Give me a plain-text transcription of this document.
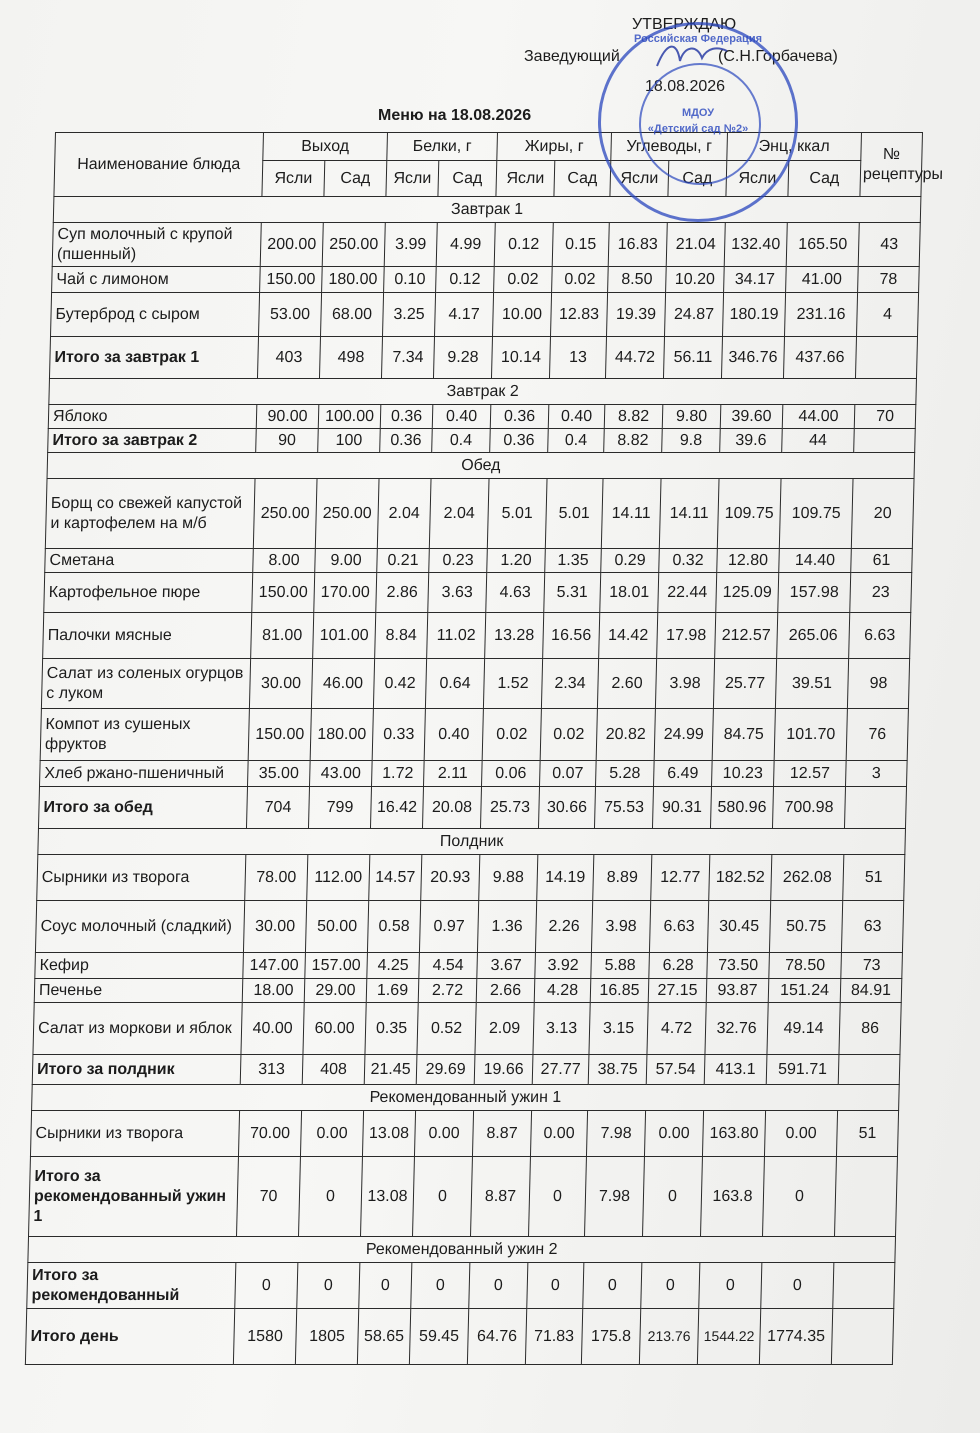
УТВЕРЖДАЮ
Заведующий	(С.Н.Горбачева)
18.08.2026
Меню на 18.08.2026
Наименование блюда	Выход		Белки, г		Жиры, г		Углеводы, г		Энц, ккал		№ рецептуры
	Ясли	Сад	Ясли	Сад	Ясли	Сад	Ясли	Сад	Ясли	Сад	
Завтрак 1											
Суп молочный с крупой (пшенный)	200.00	250.00	3.99	4.99	0.12	0.15	16.83	21.04	132.40	165.50	43
Чай с лимоном	150.00	180.00	0.10	0.12	0.02	0.02	8.50	10.20	34.17	41.00	78
Бутерброд с сыром	53.00	68.00	3.25	4.17	10.00	12.83	19.39	24.87	180.19	231.16	4
Итого за завтрак 1	403	498	7.34	9.28	10.14	13	44.72	56.11	346.76	437.66	
Завтрак 2											
Яблоко	90.00	100.00	0.36	0.40	0.36	0.40	8.82	9.80	39.60	44.00	70
Итого за завтрак 2	90	100	0.36	0.4	0.36	0.4	8.82	9.8	39.6	44	
Обед											
Борщ со свежей капустой и картофелем на м/б	250.00	250.00	2.04	2.04	5.01	5.01	14.11	14.11	109.75	109.75	20
Сметана	8.00	9.00	0.21	0.23	1.20	1.35	0.29	0.32	12.80	14.40	61
Картофельное пюре	150.00	170.00	2.86	3.63	4.63	5.31	18.01	22.44	125.09	157.98	23
Палочки мясные	81.00	101.00	8.84	11.02	13.28	16.56	14.42	17.98	212.57	265.06	6.63
Салат из соленых огурцов с луком	30.00	46.00	0.42	0.64	1.52	2.34	2.60	3.98	25.77	39.51	98
Компот из сушеных фруктов	150.00	180.00	0.33	0.40	0.02	0.02	20.82	24.99	84.75	101.70	76
Хлеб ржано-пшеничный	35.00	43.00	1.72	2.11	0.06	0.07	5.28	6.49	10.23	12.57	3
Итого за обед	704	799	16.42	20.08	25.73	30.66	75.53	90.31	580.96	700.98	
Полдник											
Сырники из творога	78.00	112.00	14.57	20.93	9.88	14.19	8.89	12.77	182.52	262.08	51
Соус молочный (сладкий)	30.00	50.00	0.58	0.97	1.36	2.26	3.98	6.63	30.45	50.75	63
Кефир	147.00	157.00	4.25	4.54	3.67	3.92	5.88	6.28	73.50	78.50	73
Печенье	18.00	29.00	1.69	2.72	2.66	4.28	16.85	27.15	93.87	151.24	84.91
Салат из моркови и яблок	40.00	60.00	0.35	0.52	2.09	3.13	3.15	4.72	32.76	49.14	86
Итого за полдник	313	408	21.45	29.69	19.66	27.77	38.75	57.54	413.1	591.71	
Рекомендованный ужин 1											
Сырники из творога	70.00	0.00	13.08	0.00	8.87	0.00	7.98	0.00	163.80	0.00	51
Итого за рекомендованный ужин 1	70	0	13.08	0	8.87	0	7.98	0	163.8	0	
Рекомендованный ужин 2											
Итого за рекомендованный	0	0	0	0	0	0	0	0	0	0	
Итого день	1580	1805	58.65	59.45	64.76	71.83	175.8	213.76	1544.22	1774.35	
Российская Федерация
МДОУ
«Детский сад №2»
